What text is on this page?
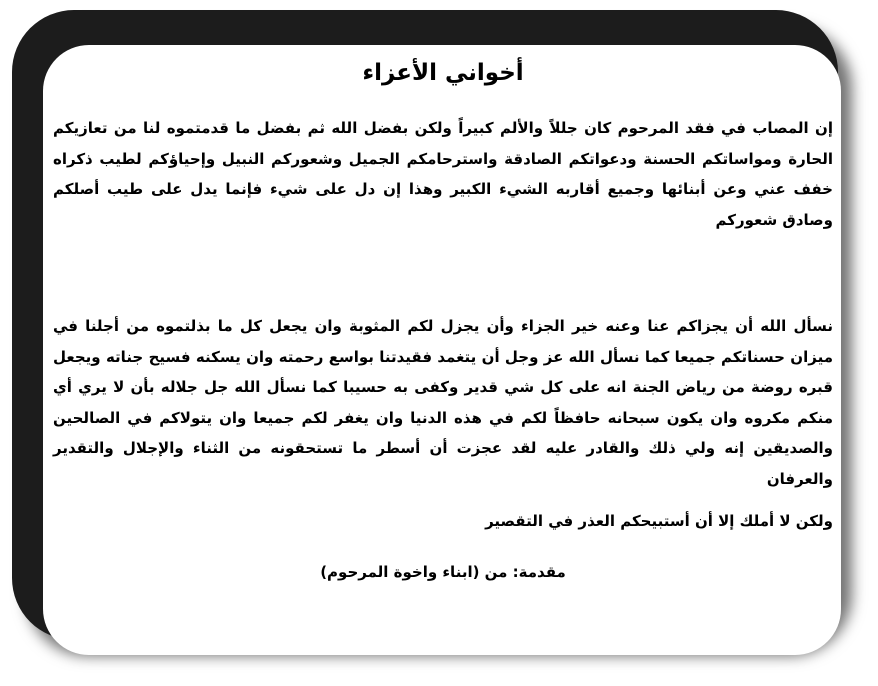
أخواني الأعزاء

إن المصاب في فقد المرحوم كان جللاً والألم كبيراً ولكن بفضل الله ثم بفضل ما قدمتموه لنا من تعازيكم الحارة ومواساتكم الحسنة ودعواتكم الصادقة واسترحامكم الجميل وشعوركم النبيل وإحياؤكم لطيب ذكراه خفف عني وعن أبنائها وجميع أقاربه الشيء الكبير وهذا إن دل على شيء فإنما يدل على طيب أصلكم وصادق شعوركم

نسأل الله أن يجزاكم عنا وعنه خير الجزاء وأن يجزل لكم المثوبة وان يجعل كل ما بذلتموه من أجلنا في ميزان حسناتكم جميعا كما نسأل الله عز وجل أن يتغمد فقيدتنا بواسع رحمته وان يسكنه فسيح جناته ويجعل قبره روضة من رياض الجنة انه على كل شي قدير وكفى به حسيبا كما نسأل الله جل جلاله بأن لا يري أي منكم مكروه وان يكون سبحانه حافظاً لكم في هذه الدنيا وان يغفر لكم جميعا وان يتولاكم في الصالحين والصديقين إنه ولي ذلك والقادر عليه لقد عجزت أن أسطر ما تستحقونه من الثناء والإجلال والتقدير والعرفان

ولكن لا أملك إلا أن أستبيحكم العذر في التقصير

مقدمة: من (ابناء واخوة المرحوم)
